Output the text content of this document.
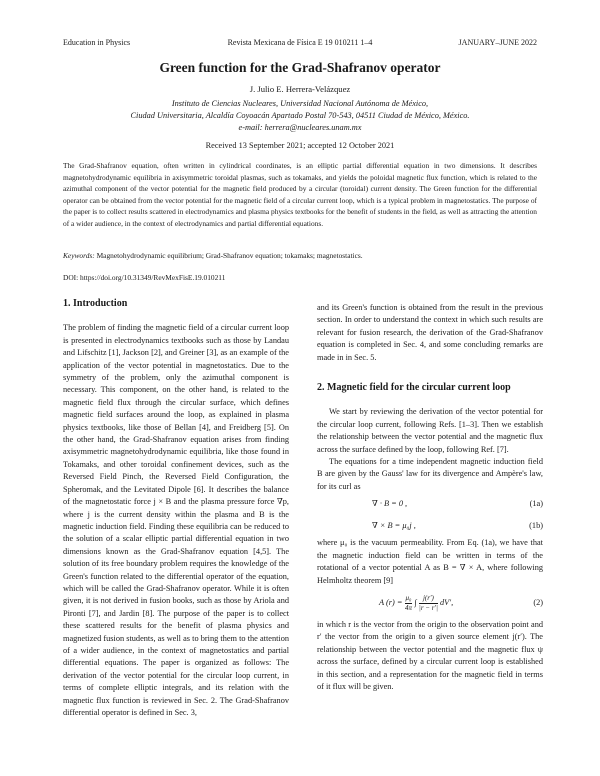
Education in Physics	Revista Mexicana de Física E 19 010211 1–4	JANUARY–JUNE 2022
Green function for the Grad-Shafranov operator
J. Julio E. Herrera-Velázquez
Instituto de Ciencias Nucleares, Universidad Nacional Autónoma de México,
Ciudad Universitaria, Alcaldía Coyoacán Apartado Postal 70-543, 04511 Ciudad de México, México.
e-mail: herrera@nucleares.unam.mx
Received 13 September 2021; accepted 12 October 2021
The Grad-Shafranov equation, often written in cylindrical coordinates, is an elliptic partial differential equation in two dimensions. It describes magnetohydrodynamic equilibria in axisymmetric toroidal plasmas, such as tokamaks, and yields the poloidal magnetic flux function, which is related to the azimuthal component of the vector potential for the magnetic field produced by a circular (toroidal) current density. The Green function for the differential operator can be obtained from the vector potential for the magnetic field of a circular current loop, which is a typical problem in magnetostatics. The purpose of the paper is to collect results scattered in electrodynamics and plasma physics textbooks for the benefit of students in the field, as well as attracting the attention of a wider audience, in the context of electrodynamics and partial differential equations.
Keywords: Magnetohydrodynamic equilibrium; Grad-Shafranov equation; tokamaks; magnetostatics.
DOI: https://doi.org/10.31349/RevMexFisE.19.010211
1. Introduction

The problem of finding the magnetic field of a circular current loop is presented in electrodynamics textbooks such as those by Landau and Lifschitz [1], Jackson [2], and Greiner [3], as an example of the application of the vector potential in magnetostatics. Due to the symmetry of the problem, only the azimuthal component is necessary. This component, on the other hand, is related to the magnetic field flux through the circular surface, which defines magnetic field surfaces around the loop, as explained in plasma physics textbooks, like those of Bellan [4], and Freidberg [5]. On the other hand, the Grad-Shafranov equation arises from finding axisymmetric magnetohydrodynamic equilibria, like those found in Tokamaks, and other toroidal confinement devices, such as the Reversed Field Pinch, the Reversed Field Configuration, the Spheromak, and the Levitated Dipole [6]. It describes the balance of the magnetostatic force j × B and the plasma pressure force ∇p, where j is the current density within the plasma and B is the magnetic induction field. Finding these equilibria can be reduced to the solution of a scalar elliptic partial differential equation in two dimensions known as the Grad-Shafranov equation [4,5]. The solution of its free boundary problem requires the knowledge of the Green's function related to the differential operator of the equation, which will be called the Grad-Shafranov operator. While it is often given, it is not derived in fusion books, such as those by Ariola and Pironti [7], and Jardin [8]. The purpose of the paper is to collect these scattered results for the benefit of plasma physics and magnetized fusion students, as well as to bring them to the attention of a wider audience, in the context of magnetostatics and partial differential equations. The paper is organized as follows: The derivation of the vector potential for the circular loop current, in terms of complete elliptic integrals, and its relation with the magnetic flux function is reviewed in Sec. 2. The Grad-Shafranov differential operator is defined in Sec. 3,

and its Green's function is obtained from the result in the previous section. In order to understand the context in which such results are relevant for fusion research, the derivation of the Grad-Shafranov equation is completed in Sec. 4, and some concluding remarks are made in in Sec. 5.

2. Magnetic field for the circular current loop

We start by reviewing the derivation of the vector potential for the circular loop current, following Refs. [1–3]. Then we establish the relationship between the vector potential and the magnetic flux across the surface defined by the loop, following Ref. [7].

The equations for a time independent magnetic induction field B are given by the Gauss' law for its divergence and Ampère's law, for its curl as

∇ · B = 0 ,	(1a)
∇ × B = μ₀j ,	(1b)

where μ₀ is the vacuum permeability. From Eq. (1a), we have that the magnetic induction field can be written in terms of the rotational of a vector potential A as B = ∇ × A, where following Helmholtz theorem [9]

A $(r) = \frac{\text{μ₀}}{4\pi}$ ∫ $\frac{j(r')}{|r - r'|} dV'$,	(2)

in which r is the vector from the origin to the observation point and r′ the vector from the origin to a given source element j(r′). The relationship between the vector potential and the magnetic flux ψ across the surface, defined by a circular current loop is established in this section, and a representation for the magnetic field in terms of it flux will be given.
